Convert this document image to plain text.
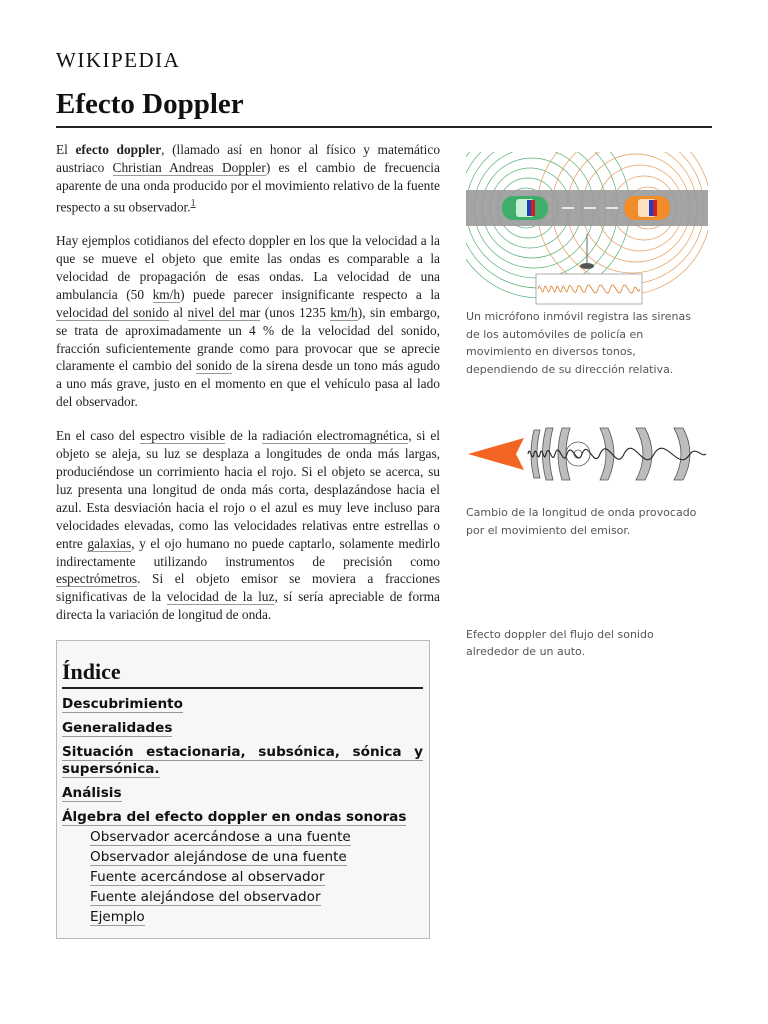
WIKIPEDIA
Efecto Doppler

El efecto doppler, (llamado así en honor al físico y matemático austriaco Christian Andreas Doppler) es el cambio de frecuencia aparente de una onda producido por el movimiento relativo de la fuente respecto a su observador.$^1$

Hay ejemplos cotidianos del efecto doppler en los que la velocidad a la que se mueve el objeto que emite las ondas es comparable a la velocidad de propagación de esas ondas. La velocidad de una ambulancia (50 km/h) puede parecer insignificante respecto a la velocidad del sonido al nivel del mar (unos 1235 km/h), sin embargo, se trata de aproximadamente un 4 % de la velocidad del sonido, fracción suficientemente grande como para provocar que se aprecie claramente el cambio del sonido de la sirena desde un tono más agudo a uno más grave, justo en el momento en que el vehículo pasa al lado del observador.

En el caso del espectro visible de la radiación electromagnética, si el objeto se aleja, su luz se desplaza a longitudes de onda más largas, produciéndose un corrimiento hacia el rojo. Si el objeto se acerca, su luz presenta una longitud de onda más corta, desplazándose hacia el azul. Esta desviación hacia el rojo o el azul es muy leve incluso para velocidades elevadas, como las velocidades relativas entre estrellas o entre galaxias, y el ojo humano no puede captarlo, solamente medirlo indirectamente utilizando instrumentos de precisión como espectrómetros. Si el objeto emisor se moviera a fracciones significativas de la velocidad de la luz, sí sería apreciable de forma directa la variación de longitud de onda.

Índice
Descubrimiento
Generalidades
Situación estacionaria, subsónica, sónica y supersónica.
Análisis
Álgebra del efecto doppler en ondas sonoras
Observador acercándose a una fuente
Observador alejándose de una fuente
Fuente acercándose al observador
Fuente alejándose del observador
Ejemplo

Un micrófono inmóvil registra las sirenas de los automóviles de policía en movimiento en diversos tonos, dependiendo de su dirección relativa.

Cambio de la longitud de onda provocado por el movimiento del emisor.

Efecto doppler del flujo del sonido alrededor de un auto.
